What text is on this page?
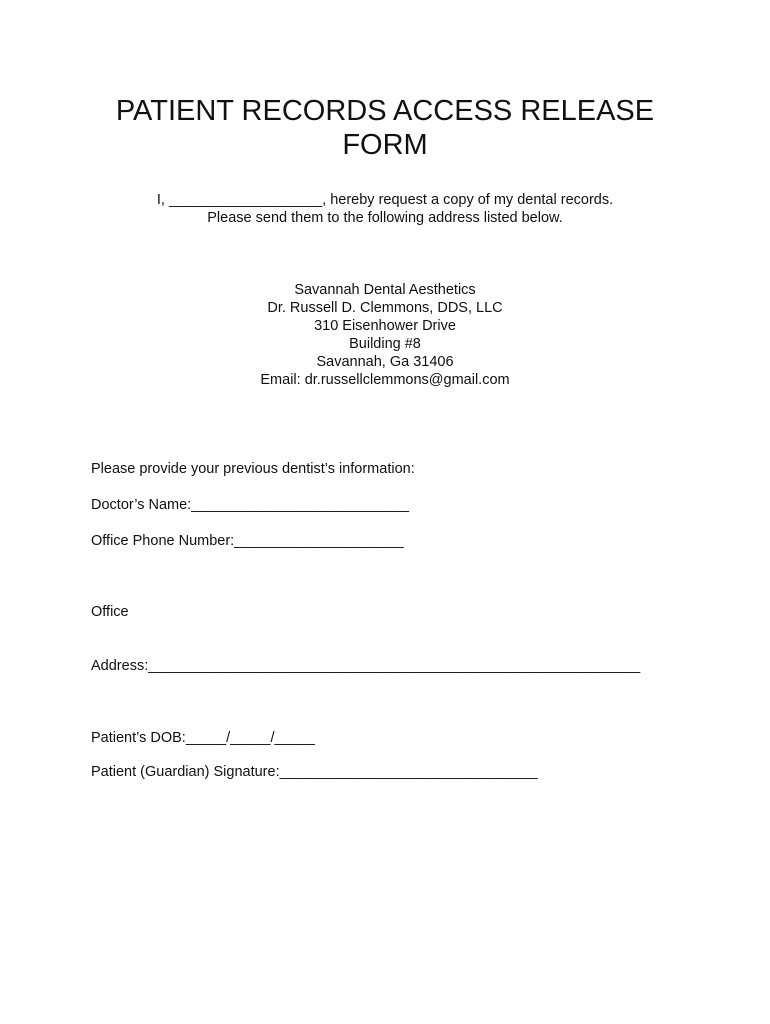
PATIENT RECORDS ACCESS RELEASE
FORM
I, ___________________, hereby request a copy of my dental records.
Please send them to the following address listed below.
Savannah Dental Aesthetics
Dr. Russell D. Clemmons, DDS, LLC
310 Eisenhower Drive
Building #8
Savannah, Ga 31406
Email: dr.russellclemmons@gmail.com
Please provide your previous dentist’s information:
Doctor’s Name:___________________________
Office Phone Number:_____________________

Office

Address:_____________________________________________________________

Patient’s DOB:_____/_____/_____
Patient (Guardian) Signature:________________________________
